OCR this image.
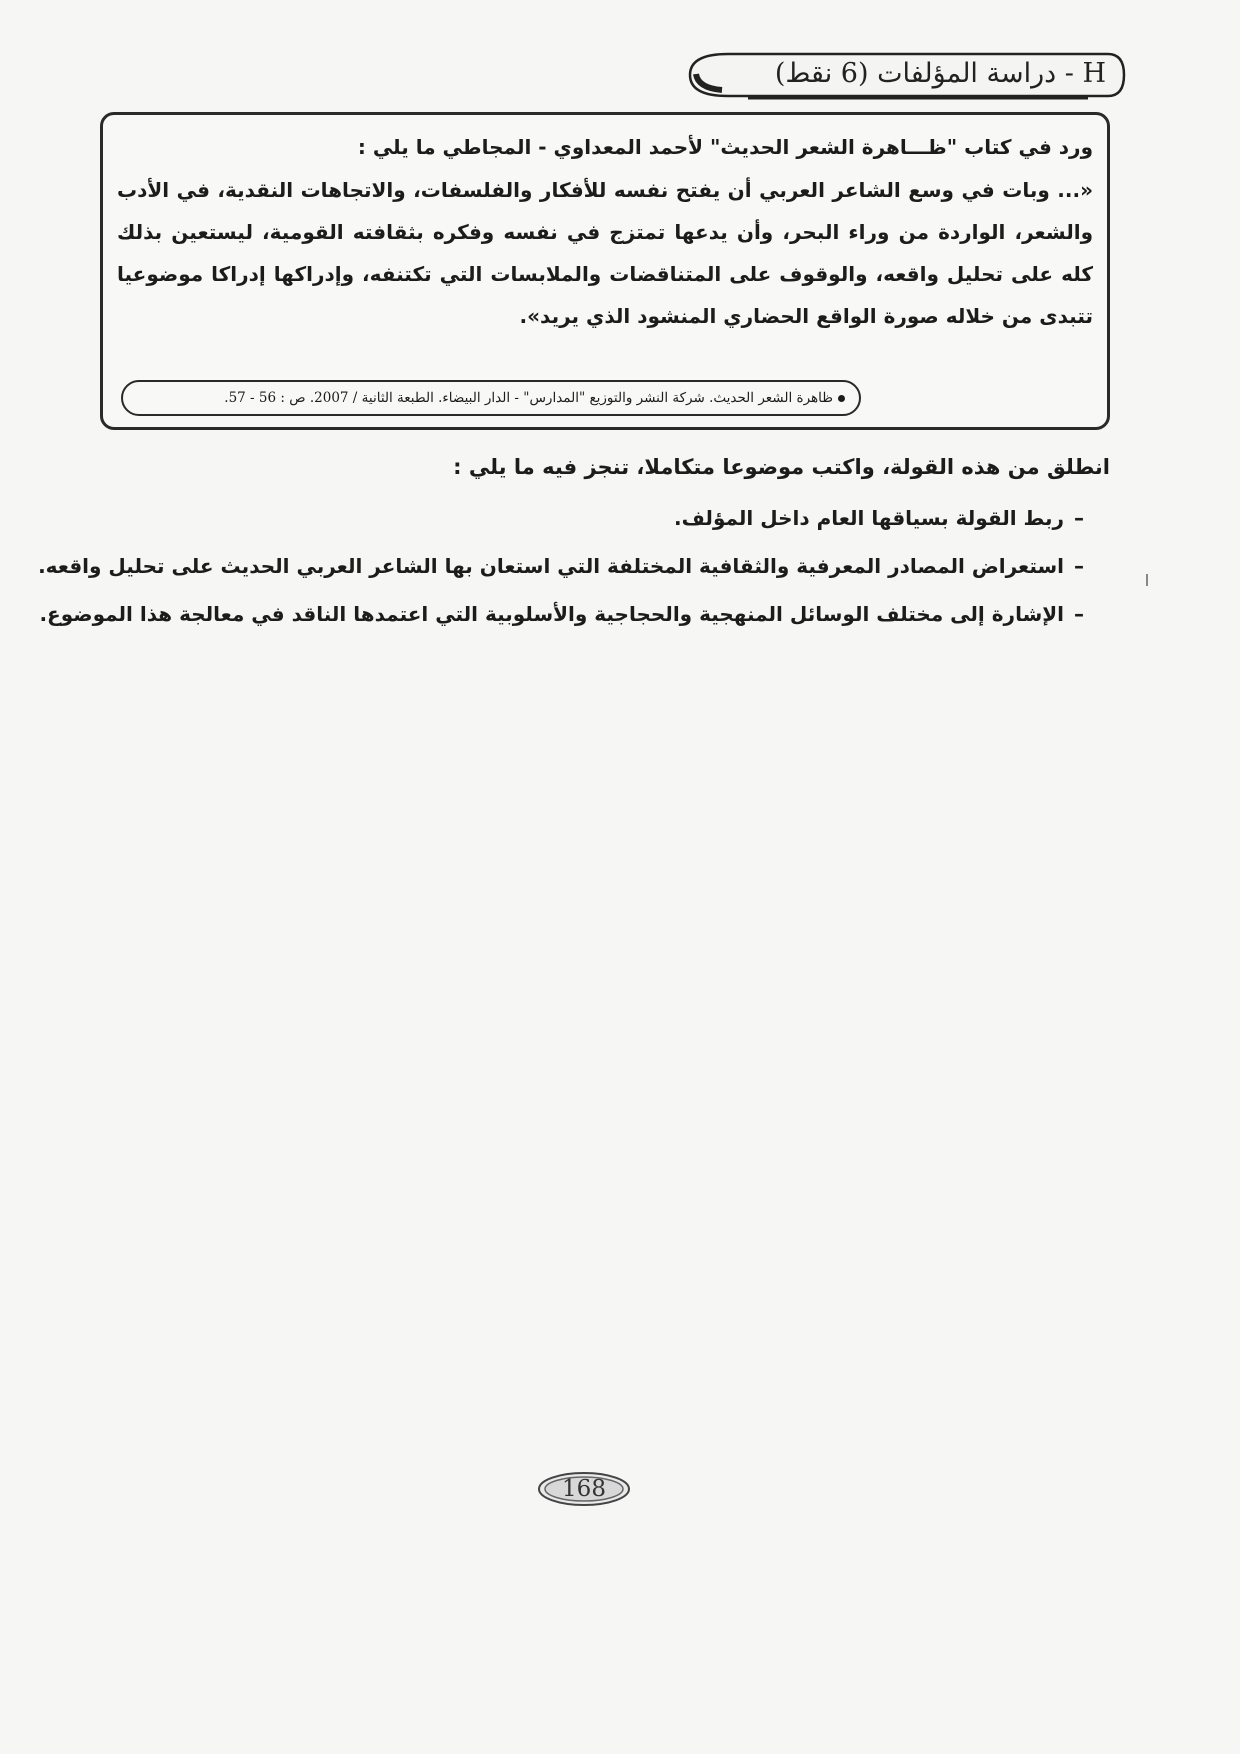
H - دراسة المؤلفات (6 نقط)
ورد في كتاب "ظـــاهرة الشعر الحديث" لأحمد المعداوي - المجاطي ما يلي :
«... وبات في وسع الشاعر العربي أن يفتح نفسه للأفكار والفلسفات، والاتجاهات النقدية، في الأدب والشعر، الواردة من وراء البحر، وأن يدعها تمتزج في نفسه وفكره بثقافته القومية، ليستعين بذلك كله على تحليل واقعه، والوقوف على المتناقضات والملابسات التي تكتنفه، وإدراكها إدراكا موضوعيا تتبدى من خلاله صورة الواقع الحضاري المنشود الذي يريد».
ظاهرة الشعر الحديث. شركة النشر والتوزيع "المدارس" - الدار البيضاء. الطبعة الثانية / 2007. ص : 56 - 57.
انطلق من هذه القولة، واكتب موضوعا متكاملا، تنجز فيه ما يلي :
–ربط القولة بسياقها العام داخل المؤلف.
–استعراض المصادر المعرفية والثقافية المختلفة التي استعان بها الشاعر العربي الحديث على تحليل واقعه.
–الإشارة إلى مختلف الوسائل المنهجية والحجاجية والأسلوبية التي اعتمدها الناقد في معالجة هذا الموضوع.
168
